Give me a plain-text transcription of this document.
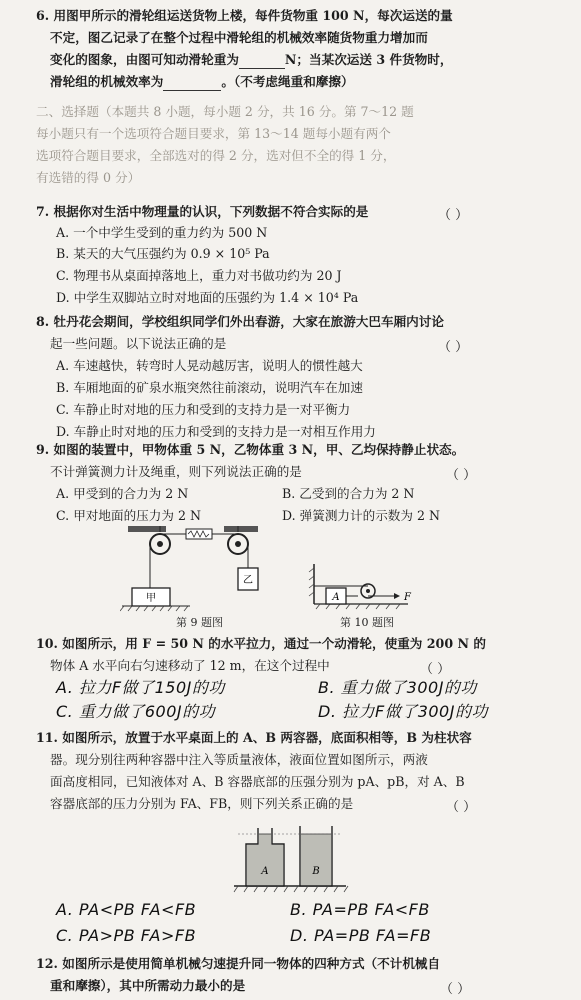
6. 用图甲所示的滑轮组运送货物上楼，每件货物重 100 N，每次运送的量
不定，图乙记录了在整个过程中滑轮组的机械效率随货物重力增加而
变化的图象，由图可知动滑轮重为	N；当某次运送 3 件货物时，
滑轮组的机械效率为	。（不考虑绳重和摩擦）
二、选择题（本题共 8 小题，每小题 2 分，共 16 分。第 7～12 题
每小题只有一个选项符合题目要求，第 13～14 题每小题有两个
选项符合题目要求，全部选对的得 2 分，选对但不全的得 1 分，
有选错的得 0 分）
7. 根据你对生活中物理量的认识，下列数据不符合实际的是	（ ）
A. 一个中学生受到的重力约为 500 N
B. 某天的大气压强约为 0.9 × 10⁵ Pa
C. 物理书从桌面掉落地上，重力对书做功约为 20 J
D. 中学生双脚站立时对地面的压强约为 1.4 × 10⁴ Pa
8. 牡丹花会期间，学校组织同学们外出春游，大家在旅游大巴车厢内讨论
起一些问题。以下说法正确的是	（ ）
A. 车速越快，转弯时人晃动越厉害，说明人的惯性越大
B. 车厢地面的矿泉水瓶突然往前滚动，说明汽车在加速
C. 车静止时对地的压力和受到的支持力是一对平衡力
D. 车静止时对地的压力和受到的支持力是一对相互作用力
9. 如图的装置中，甲物体重 5 N，乙物体重 3 N，甲、乙均保持静止状态。
不计弹簧测力计及绳重，则下列说法正确的是	（ ）
A. 甲受到的合力为 2 N	B. 乙受到的合力为 2 N
C. 甲对地面的压力为 2 N	D. 弹簧测力计的示数为 2 N
甲
乙
第 9 题图
A	F
第 10 题图
10. 如图所示，用 F = 50 N 的水平拉力，通过一个动滑轮，使重为 200 N 的
物体 A 水平向右匀速移动了 12 m，在这个过程中	（ ）
A. 拉力F做了150J的功	B. 重力做了300J的功
C. 重力做了600J的功	D. 拉力F做了300J的功
11. 如图所示，放置于水平桌面上的 A、B 两容器，底面积相等，B 为柱状容
器。现分别往两种容器中注入等质量液体，液面位置如图所示，两液
面高度相同，已知液体对 A、B 容器底部的压强分别为 pA、pB，对 A、B
容器底部的压力分别为 FA、FB，则下列关系正确的是	（ ）
A	B
A. PA<PB FA<FB	B. PA=PB FA<FB
C. PA>PB FA>FB	D. PA=PB FA=FB
12. 如图所示是使用简单机械匀速提升同一物体的四种方式（不计机械自
重和摩擦），其中所需动力最小的是	（ ）
